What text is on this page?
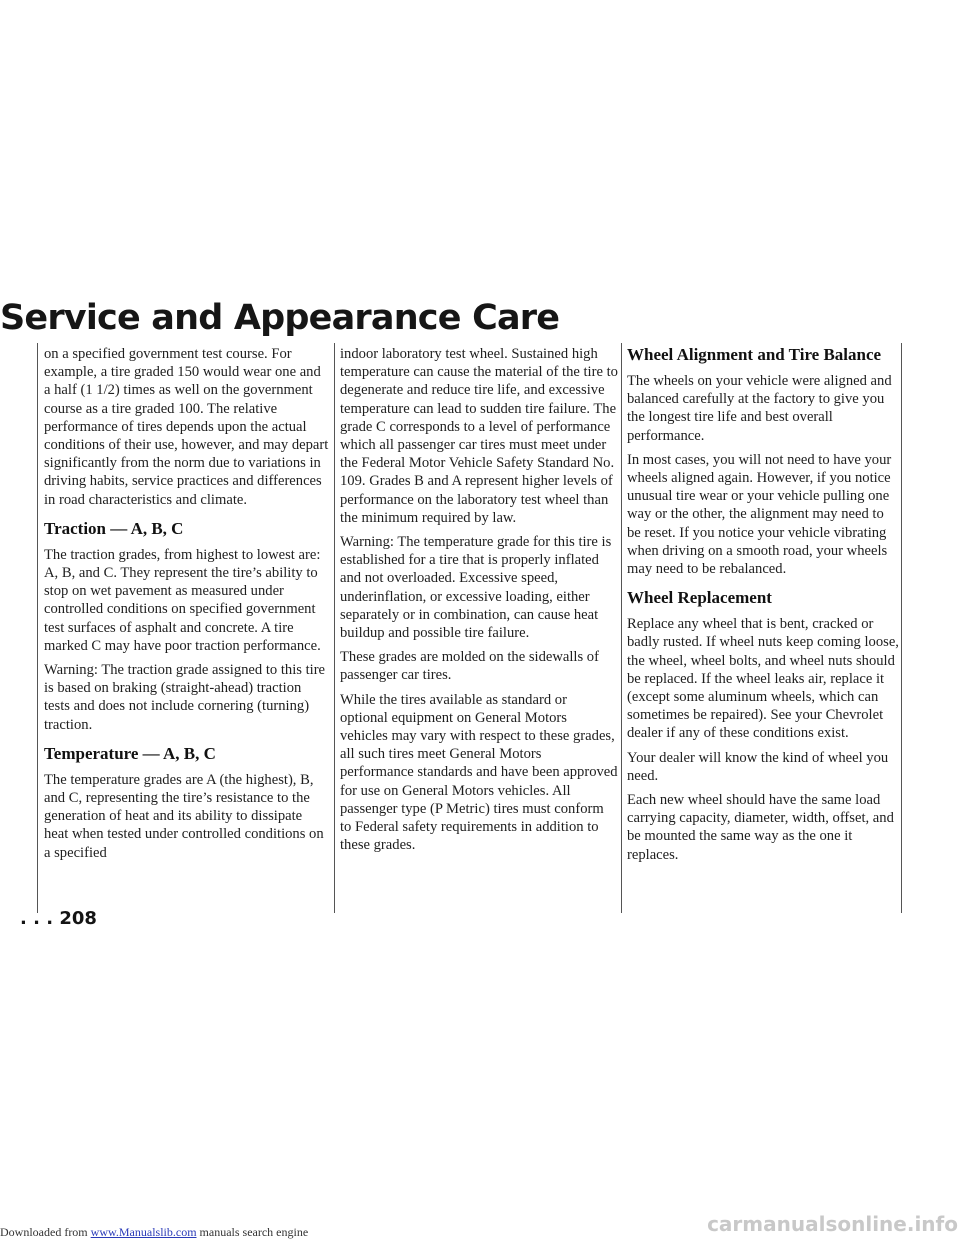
Service and Appearance Care

on a specified government test course. For example, a tire graded 150 would wear one and a half (1 1/2) times as well on the government course as a tire graded 100. The relative performance of tires depends upon the actual conditions of their use, however, and may depart significantly from the norm due to variations in driving habits, service practices and differences in road characteristics and climate.

Traction — A, B, C

The traction grades, from highest to lowest are: A, B, and C. They represent the tire’s ability to stop on wet pavement as measured under controlled conditions on specified government test surfaces of asphalt and concrete. A tire marked C may have poor traction performance.

Warning: The traction grade assigned to this tire is based on braking (straight-ahead) traction tests and does not include cornering (turning) traction.

Temperature — A, B, C

The temperature grades are A (the highest), B, and C, representing the tire’s resistance to the generation of heat and its ability to dissipate heat when tested under controlled conditions on a specified

indoor laboratory test wheel. Sustained high temperature can cause the material of the tire to degenerate and reduce tire life, and excessive temperature can lead to sudden tire failure. The grade C corresponds to a level of performance which all passenger car tires must meet under the Federal Motor Vehicle Safety Standard No. 109. Grades B and A represent higher levels of performance on the laboratory test wheel than the minimum required by law.

Warning: The temperature grade for this tire is established for a tire that is properly inflated and not overloaded. Excessive speed, underinflation, or excessive loading, either separately or in combination, can cause heat buildup and possible tire failure.

These grades are molded on the sidewalls of passenger car tires.

While the tires available as standard or optional equipment on General Motors vehicles may vary with respect to these grades, all such tires meet General Motors performance standards and have been approved for use on General Motors vehicles. All passenger type (P Metric) tires must conform to Federal safety requirements in addition to these grades.

Wheel Alignment and Tire Balance

The wheels on your vehicle were aligned and balanced carefully at the factory to give you the longest tire life and best overall performance.

In most cases, you will not need to have your wheels aligned again. However, if you notice unusual tire wear or your vehicle pulling one way or the other, the alignment may need to be reset. If you notice your vehicle vibrating when driving on a smooth road, your wheels may need to be rebalanced.

Wheel Replacement

Replace any wheel that is bent, cracked or badly rusted. If wheel nuts keep coming loose, the wheel, wheel bolts, and wheel nuts should be replaced. If the wheel leaks air, replace it (except some aluminum wheels, which can sometimes be repaired). See your Chevrolet dealer if any of these conditions exist.

Your dealer will know the kind of wheel you need.

Each new wheel should have the same load carrying capacity, diameter, width, offset, and be mounted the same way as the one it replaces.

. . . 208
Downloaded from www.Manualslib.com manuals search engine	carmanualsonline.info
